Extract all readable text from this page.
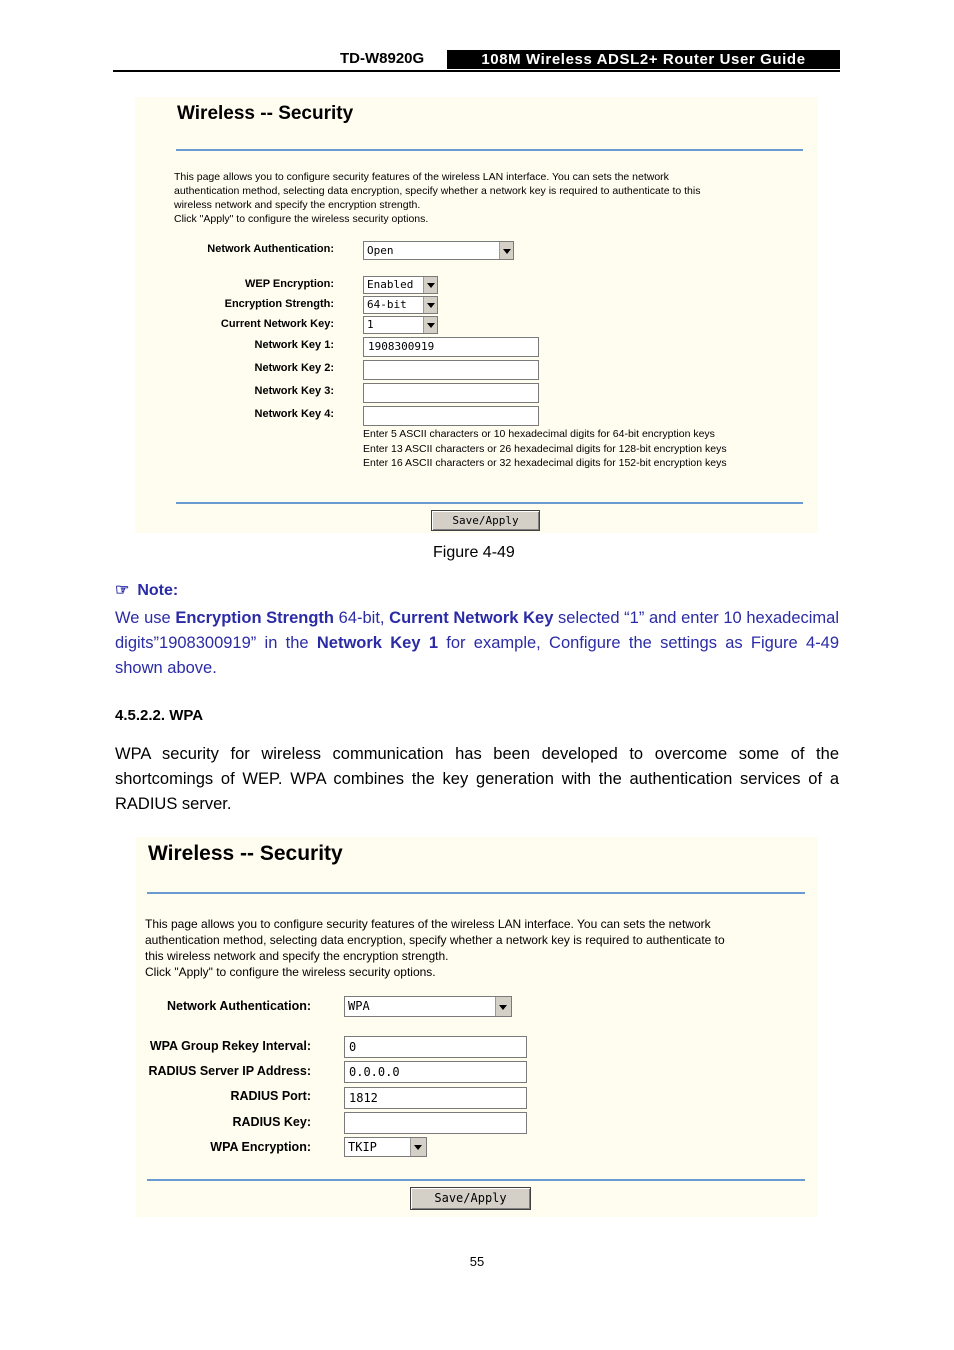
TD-W8920G	108M Wireless ADSL2+ Router User Guide
Wireless -- Security
This page allows you to configure security features of the wireless LAN interface. You can sets the network
authentication method, selecting data encryption, specify whether a network key is required to authenticate to this
wireless network and specify the encryption strength.
Click "Apply" to configure the wireless security options.
Network Authentication:	Open
WEP Encryption:	Enabled
Encryption Strength:	64-bit
Current Network Key:	1
Network Key 1:	1908300919
Network Key 2:
Network Key 3:
Network Key 4:
Enter 5 ASCII characters or 10 hexadecimal digits for 64-bit encryption keys
Enter 13 ASCII characters or 26 hexadecimal digits for 128-bit encryption keys
Enter 16 ASCII characters or 32 hexadecimal digits for 152-bit encryption keys
Save/Apply
Figure 4-49
☞ Note:

We use Encryption Strength 64-bit, Current Network Key selected “1” and enter 10 hexadecimal digits”1908300919” in the Network Key 1 for example, Configure the settings as Figure 4-49 shown above.

4.5.2.2. WPA

WPA security for wireless communication has been developed to overcome some of the shortcomings of WEP. WPA combines the key generation with the authentication services of a RADIUS server.

Wireless -- Security
This page allows you to configure security features of the wireless LAN interface. You can sets the network
authentication method, selecting data encryption, specify whether a network key is required to authenticate to
this wireless network and specify the encryption strength.
Click "Apply" to configure the wireless security options.
Network Authentication:	WPA
WPA Group Rekey Interval:	0
RADIUS Server IP Address:	0.0.0.0
RADIUS Port:	1812
RADIUS Key:
WPA Encryption:	TKIP
Save/Apply
55
